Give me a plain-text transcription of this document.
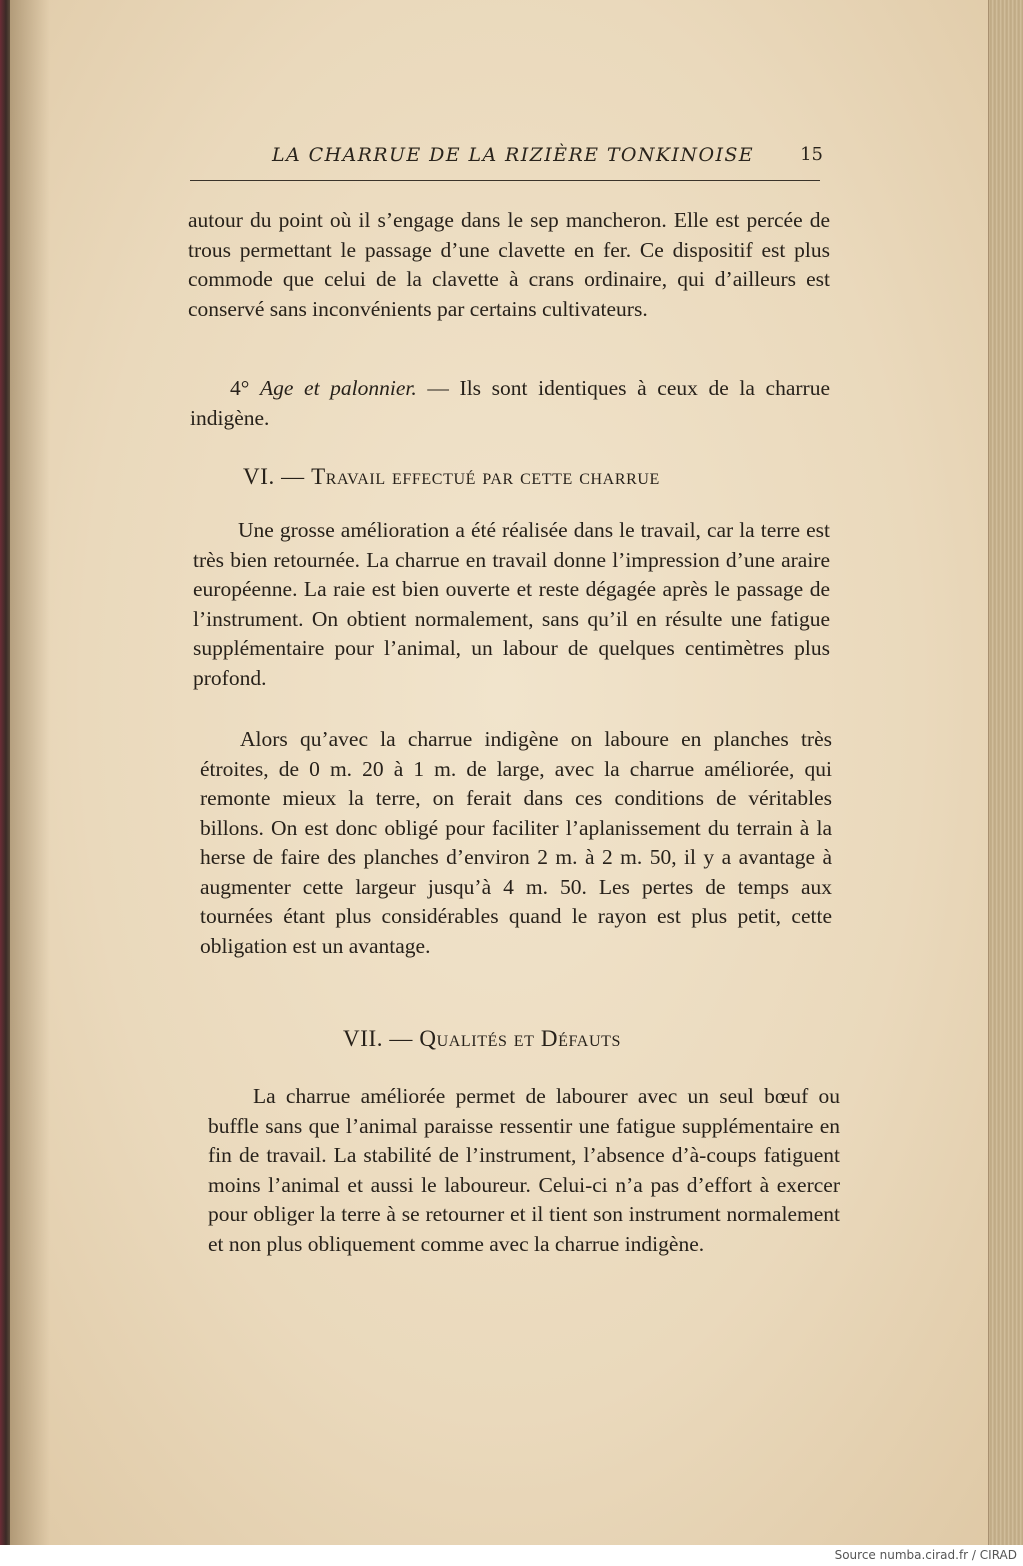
LA CHARRUE DE LA RIZIÈRE TONKINOISE	15

autour du point où il s’engage dans le sep mancheron. Elle est percée de trous permettant le passage d’une clavette en fer. Ce dispositif est plus commode que celui de la clavette à crans ordinaire, qui d’ailleurs est conservé sans inconvénients par certains cultivateurs.

4° Age et palonnier. — Ils sont identiques à ceux de la charrue indigène.

VI. — Travail effectué par cette charrue

Une grosse amélioration a été réalisée dans le travail, car la terre est très bien retournée. La charrue en travail donne l’impression d’une araire européenne. La raie est bien ouverte et reste dégagée après le passage de l’instrument. On obtient normalement, sans qu’il en résulte une fatigue supplémentaire pour l’animal, un labour de quelques centimètres plus profond.

Alors qu’avec la charrue indigène on laboure en planches très étroites, de 0 m. 20 à 1 m. de large, avec la charrue améliorée, qui remonte mieux la terre, on ferait dans ces conditions de véritables billons. On est donc obligé pour faciliter l’aplanissement du terrain à la herse de faire des planches d’environ 2 m. à 2 m. 50, il y a avantage à augmenter cette largeur jusqu’à 4 m. 50. Les pertes de temps aux tournées étant plus considérables quand le rayon est plus petit, cette obligation est un avantage.

VII. — Qualités et Défauts

La charrue améliorée permet de labourer avec un seul bœuf ou buffle sans que l’animal paraisse ressentir une fatigue supplémentaire en fin de travail. La stabilité de l’instrument, l’absence d’à-coups fatiguent moins l’animal et aussi le laboureur. Celui-ci n’a pas d’effort à exercer pour obliger la terre à se retourner et il tient son instrument normalement et non plus obliquement comme avec la charrue indigène.

Source numba.cirad.fr / CIRAD
